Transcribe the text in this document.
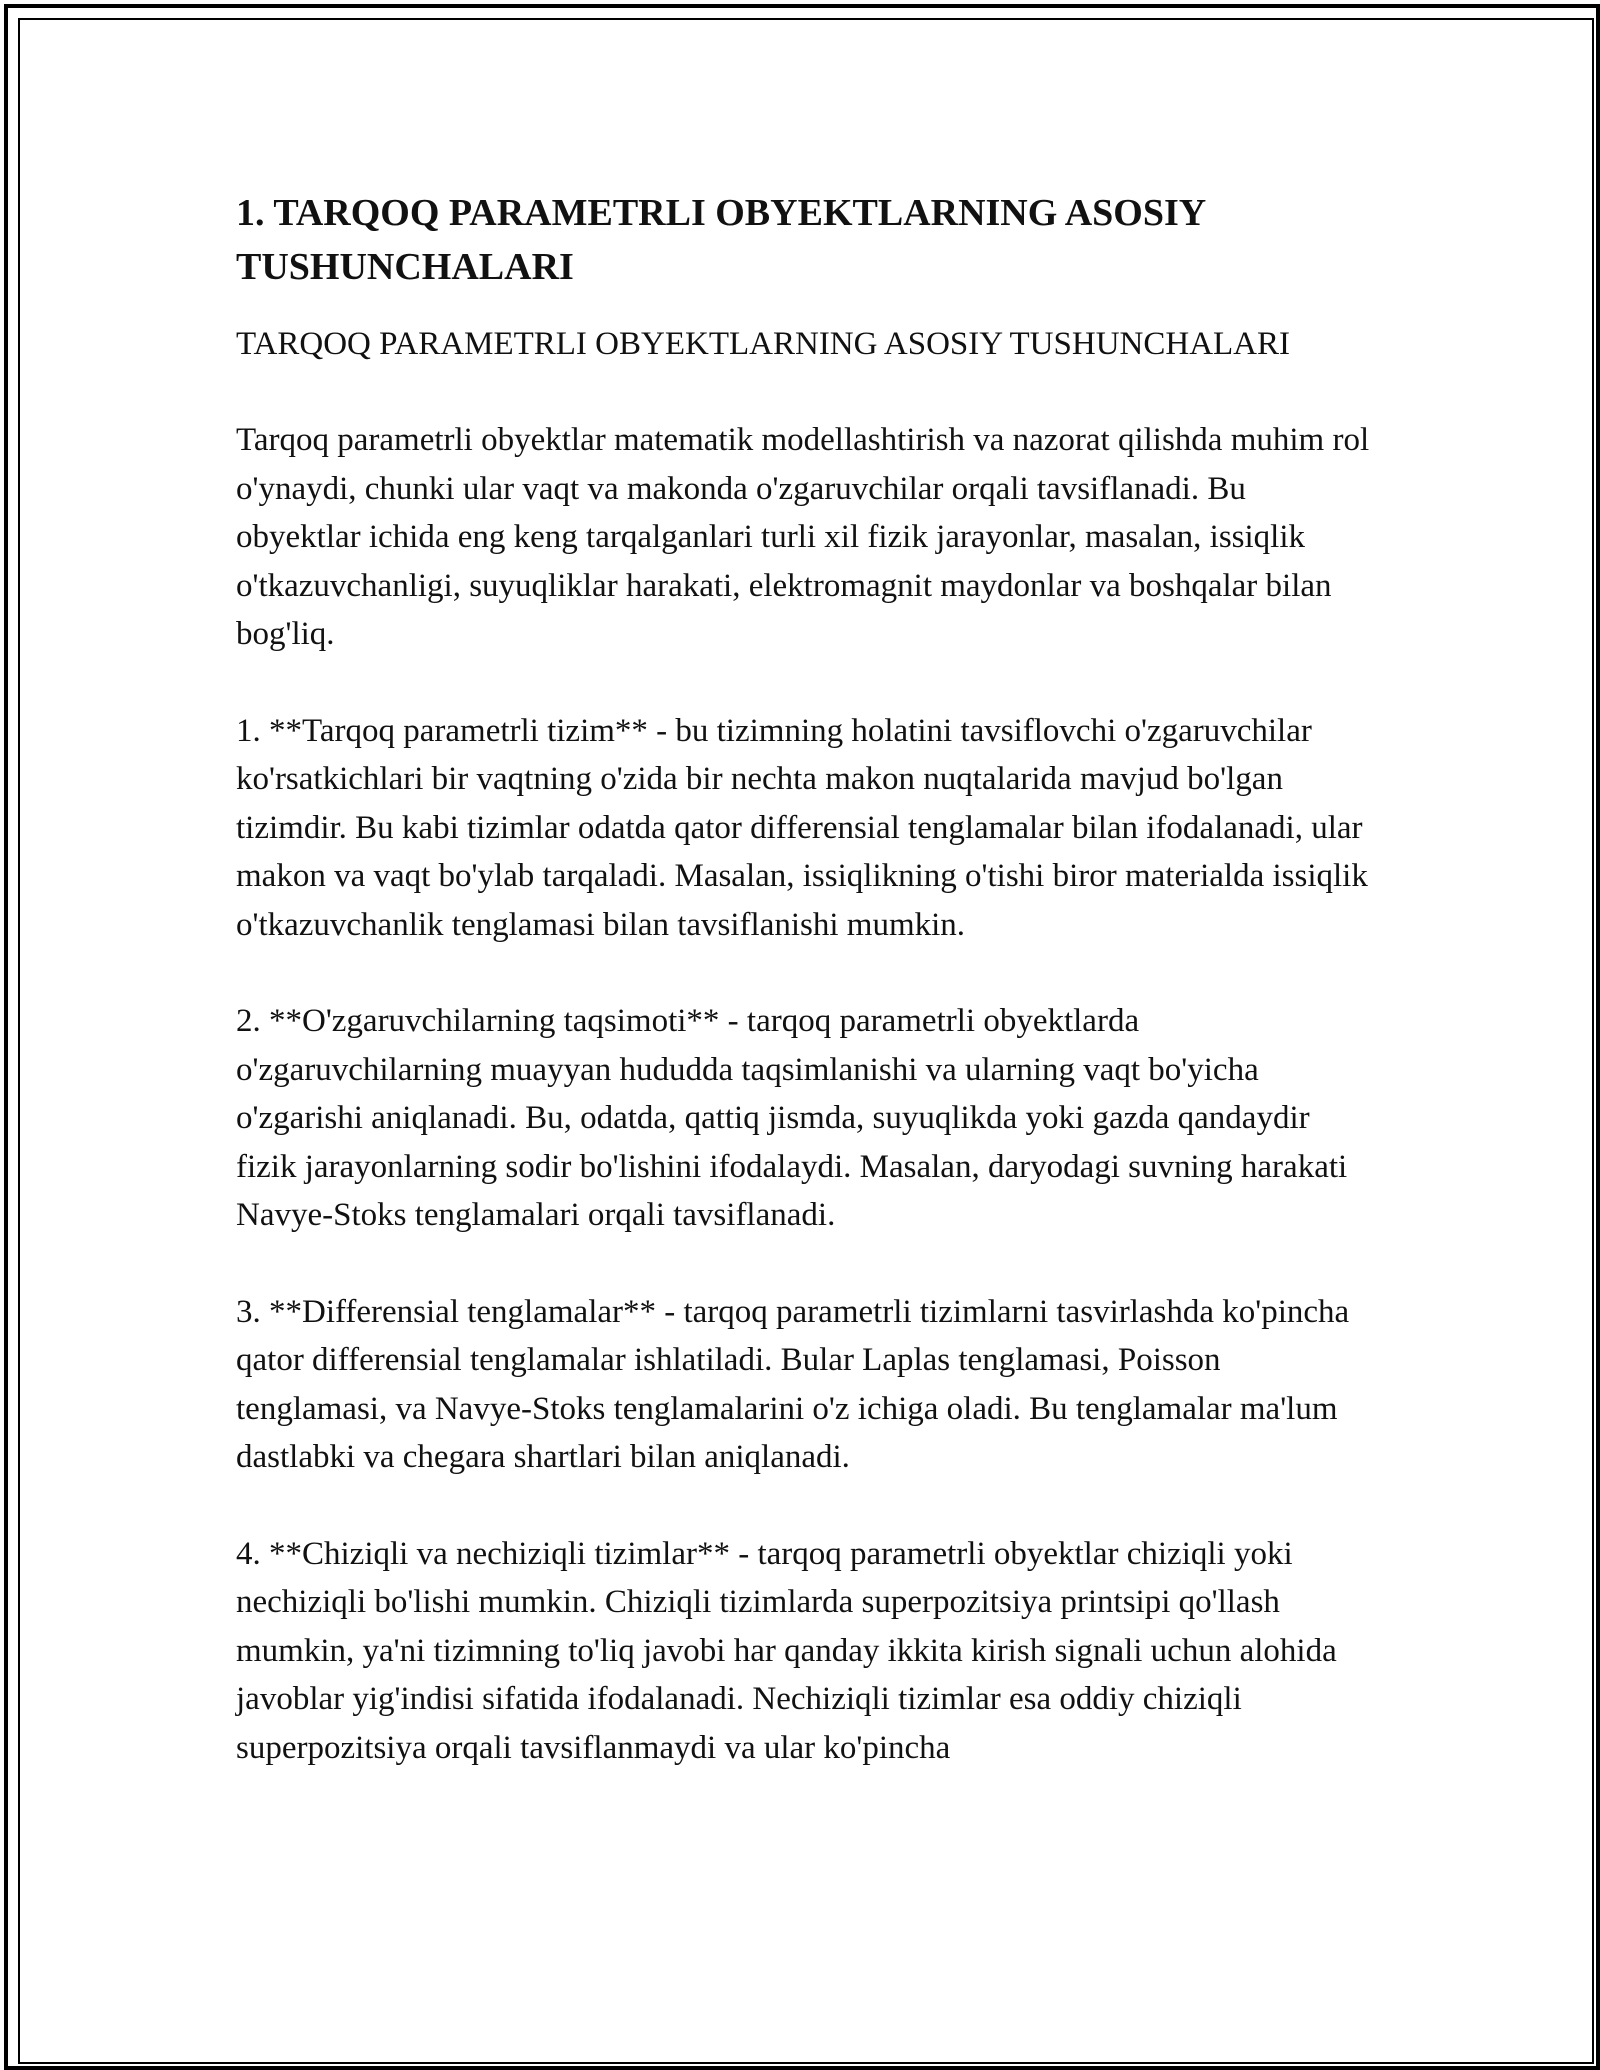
1. TARQOQ PARAMETRLI OBYEKTLARNING ASOSIY TUSHUNCHALARI
TARQOQ PARAMETRLI OBYEKTLARNING ASOSIY TUSHUNCHALARI

Tarqoq parametrli obyektlar matematik modellashtirish va nazorat qilishda muhim rol o'ynaydi, chunki ular vaqt va makonda o'zgaruvchilar orqali tavsiflanadi. Bu obyektlar ichida eng keng tarqalganlari turli xil fizik jarayonlar, masalan, issiqlik o'tkazuvchanligi, suyuqliklar harakati, elektromagnit maydonlar va boshqalar bilan bog'liq.

1. **Tarqoq parametrli tizim** - bu tizimning holatini tavsiflovchi o'zgaruvchilar ko'rsatkichlari bir vaqtning o'zida bir nechta makon nuqtalarida mavjud bo'lgan tizimdir. Bu kabi tizimlar odatda qator differensial tenglamalar bilan ifodalanadi, ular makon va vaqt bo'ylab tarqaladi. Masalan, issiqlikning o'tishi biror materialda issiqlik o'tkazuvchanlik tenglamasi bilan tavsiflanishi mumkin.

2. **O'zgaruvchilarning taqsimoti** - tarqoq parametrli obyektlarda o'zgaruvchilarning muayyan hududda taqsimlanishi va ularning vaqt bo'yicha o'zgarishi aniqlanadi. Bu, odatda, qattiq jismda, suyuqlikda yoki gazda qandaydir fizik jarayonlarning sodir bo'lishini ifodalaydi. Masalan, daryodagi suvning harakati Navye-Stoks tenglamalari orqali tavsiflanadi.

3. **Differensial tenglamalar** - tarqoq parametrli tizimlarni tasvirlashda ko'pincha qator differensial tenglamalar ishlatiladi. Bular Laplas tenglamasi, Poisson tenglamasi, va Navye-Stoks tenglamalarini o'z ichiga oladi. Bu tenglamalar ma'lum dastlabki va chegara shartlari bilan aniqlanadi.

4. **Chiziqli va nechiziqli tizimlar** - tarqoq parametrli obyektlar chiziqli yoki nechiziqli bo'lishi mumkin. Chiziqli tizimlarda superpozitsiya printsipi qo'llash mumkin, ya'ni tizimning to'liq javobi har qanday ikkita kirish signali uchun alohida javoblar yig'indisi sifatida ifodalanadi. Nechiziqli tizimlar esa oddiy chiziqli superpozitsiya orqali tavsiflanmaydi va ular ko'pincha
